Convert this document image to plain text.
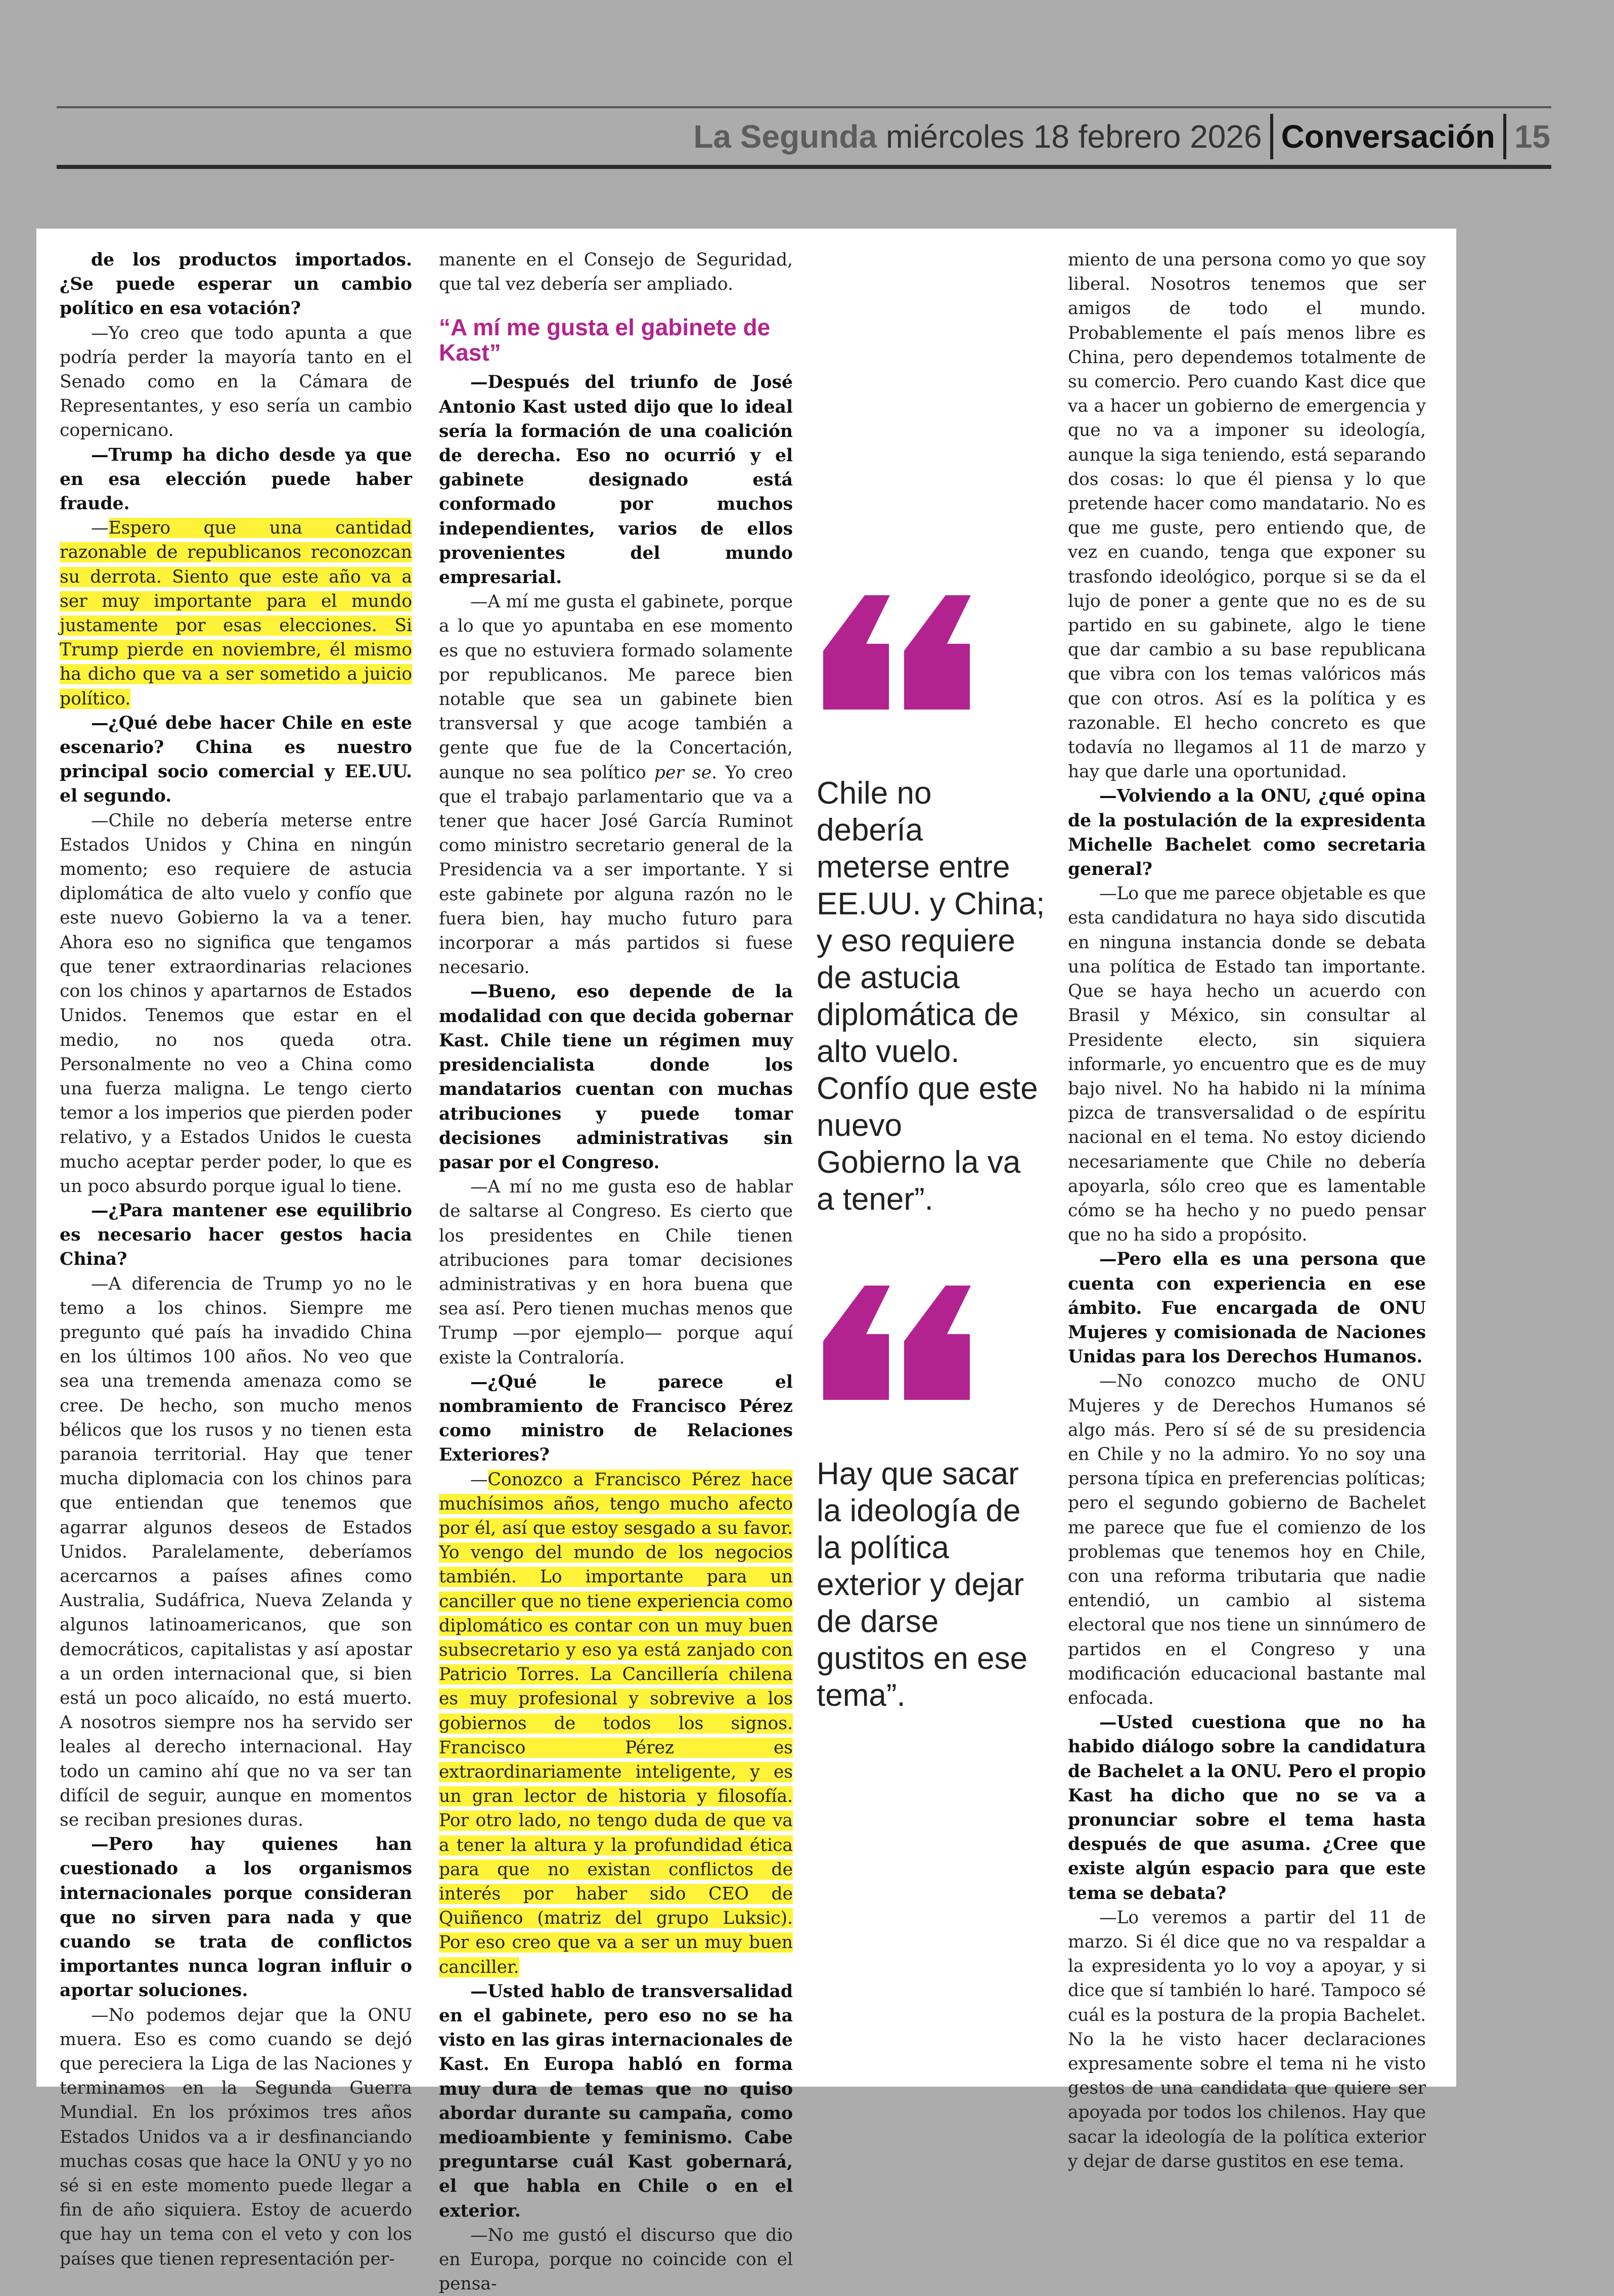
La Segunda miércoles 18 febrero 2026 Conversación 15

de los productos importados. ¿Se puede esperar un cambio político en esa votación?

—Yo creo que todo apunta a que podría perder la mayoría tanto en el Senado como en la Cámara de Representantes, y eso sería un cambio copernicano.

—Trump ha dicho desde ya que en esa elección puede haber fraude.

—Espero que una cantidad razonable de republicanos reconozcan su derrota. Siento que este año va a ser muy importante para el mundo justamente por esas elecciones. Si Trump pierde en noviembre, él mismo ha dicho que va a ser sometido a juicio político.

—¿Qué debe hacer Chile en este escenario? China es nuestro principal socio comercial y EE.UU. el segundo.

—Chile no debería meterse entre Estados Unidos y China en ningún momento; eso requiere de astucia diplomática de alto vuelo y confío que este nuevo Gobierno la va a tener. Ahora eso no significa que tengamos que tener extraordinarias relaciones con los chinos y apartarnos de Estados Unidos. Tenemos que estar en el medio, no nos queda otra. Personalmente no veo a China como una fuerza maligna. Le tengo cierto temor a los imperios que pierden poder relativo, y a Estados Unidos le cuesta mucho aceptar perder poder, lo que es un poco absurdo porque igual lo tiene.

—¿Para mantener ese equilibrio es necesario hacer gestos hacia China?

—A diferencia de Trump yo no le temo a los chinos. Siempre me pregunto qué país ha invadido China en los últimos 100 años. No veo que sea una tremenda amenaza como se cree. De hecho, son mucho menos bélicos que los rusos y no tienen esta paranoia territorial. Hay que tener mucha diplomacia con los chinos para que entiendan que tenemos que agarrar algunos deseos de Estados Unidos. Paralelamente, deberíamos acercarnos a países afines como Australia, Sudáfrica, Nueva Zelanda y algunos latinoamericanos, que son democráticos, capitalistas y así apostar a un orden internacional que, si bien está un poco alicaído, no está muerto. A nosotros siempre nos ha servido ser leales al derecho internacional. Hay todo un camino ahí que no va ser tan difícil de seguir, aunque en momentos se reciban presiones duras.

—Pero hay quienes han cuestionado a los organismos internacionales porque consideran que no sirven para nada y que cuando se trata de conflictos importantes nunca logran influir o aportar soluciones.

—No podemos dejar que la ONU muera. Eso es como cuando se dejó que pereciera la Liga de las Naciones y terminamos en la Segunda Guerra Mundial. En los próximos tres años Estados Unidos va a ir desfinanciando muchas cosas que hace la ONU y yo no sé si en este momento puede llegar a fin de año siquiera. Estoy de acuerdo que hay un tema con el veto y con los países que tienen representación per-

manente en el Consejo de Seguridad, que tal vez debería ser ampliado.

“A mí me gusta el gabinete de Kast”

—Después del triunfo de José Antonio Kast usted dijo que lo ideal sería la formación de una coalición de derecha. Eso no ocurrió y el gabinete designado está conformado por muchos independientes, varios de ellos provenientes del mundo empresarial.

—A mí me gusta el gabinete, porque a lo que yo apuntaba en ese momento es que no estuviera formado solamente por republicanos. Me parece bien notable que sea un gabinete bien transversal y que acoge también a gente que fue de la Concertación, aunque no sea político per se. Yo creo que el trabajo parlamentario que va a tener que hacer José García Ruminot como ministro secretario general de la Presidencia va a ser importante. Y si este gabinete por alguna razón no le fuera bien, hay mucho futuro para incorporar a más partidos si fuese necesario.

—Bueno, eso depende de la modalidad con que decida gobernar Kast. Chile tiene un régimen muy presidencialista donde los mandatarios cuentan con muchas atribuciones y puede tomar decisiones administrativas sin pasar por el Congreso.

—A mí no me gusta eso de hablar de saltarse al Congreso. Es cierto que los presidentes en Chile tienen atribuciones para tomar decisiones administrativas y en hora buena que sea así. Pero tienen muchas menos que Trump —por ejemplo— porque aquí existe la Contraloría.

—¿Qué le parece el nombramiento de Francisco Pérez como ministro de Relaciones Exteriores?

—Conozco a Francisco Pérez hace muchísimos años, tengo mucho afecto por él, así que estoy sesgado a su favor. Yo vengo del mundo de los negocios también. Lo importante para un canciller que no tiene experiencia como diplomático es contar con un muy buen subsecretario y eso ya está zanjado con Patricio Torres. La Cancillería chilena es muy profesional y sobrevive a los gobiernos de todos los signos. Francisco Pérez es extraordinariamente inteligente, y es un gran lector de historia y filosofía. Por otro lado, no tengo duda de que va a tener la altura y la profundidad ética para que no existan conflictos de interés por haber sido CEO de Quiñenco (matriz del grupo Luksic). Por eso creo que va a ser un muy buen canciller.

—Usted hablo de transversalidad en el gabinete, pero eso no se ha visto en las giras internacionales de Kast. En Europa habló en forma muy dura de temas que no quiso abordar durante su campaña, como medioambiente y feminismo. Cabe preguntarse cuál Kast gobernará, el que habla en Chile o en el exterior.

—No me gustó el discurso que dio en Europa, porque no coincide con el pensa-

Chile no
debería
meterse entre
EE.UU. y China;
y eso requiere
de astucia
diplomática de
alto vuelo.
Confío que este
nuevo
Gobierno la va
a tener”.
Hay que sacar
la ideología de
la política
exterior y dejar
de darse
gustitos en ese
tema”.

miento de una persona como yo que soy liberal. Nosotros tenemos que ser amigos de todo el mundo. Probablemente el país menos libre es China, pero dependemos totalmente de su comercio. Pero cuando Kast dice que va a hacer un gobierno de emergencia y que no va a imponer su ideología, aunque la siga teniendo, está separando dos cosas: lo que él piensa y lo que pretende hacer como mandatario. No es que me guste, pero entiendo que, de vez en cuando, tenga que exponer su trasfondo ideológico, porque si se da el lujo de poner a gente que no es de su partido en su gabinete, algo le tiene que dar cambio a su base republicana que vibra con los temas valóricos más que con otros. Así es la política y es razonable. El hecho concreto es que todavía no llegamos al 11 de marzo y hay que darle una oportunidad.

—Volviendo a la ONU, ¿qué opina de la postulación de la expresidenta Michelle Bachelet como secretaria general?

—Lo que me parece objetable es que esta candidatura no haya sido discutida en ninguna instancia donde se debata una política de Estado tan importante. Que se haya hecho un acuerdo con Brasil y México, sin consultar al Presidente electo, sin siquiera informarle, yo encuentro que es de muy bajo nivel. No ha habido ni la mínima pizca de transversalidad o de espíritu nacional en el tema. No estoy diciendo necesariamente que Chile no debería apoyarla, sólo creo que es lamentable cómo se ha hecho y no puedo pensar que no ha sido a propósito.

—Pero ella es una persona que cuenta con experiencia en ese ámbito. Fue encargada de ONU Mujeres y comisionada de Naciones Unidas para los Derechos Humanos.

—No conozco mucho de ONU Mujeres y de Derechos Humanos sé algo más. Pero sí sé de su presidencia en Chile y no la admiro. Yo no soy una persona típica en preferencias políticas; pero el segundo gobierno de Bachelet me parece que fue el comienzo de los problemas que tenemos hoy en Chile, con una reforma tributaria que nadie entendió, un cambio al sistema electoral que nos tiene un sinnúmero de partidos en el Congreso y una modificación educacional bastante mal enfocada.

—Usted cuestiona que no ha habido diálogo sobre la candidatura de Bachelet a la ONU. Pero el propio Kast ha dicho que no se va a pronunciar sobre el tema hasta después de que asuma. ¿Cree que existe algún espacio para que este tema se debata?

—Lo veremos a partir del 11 de marzo. Si él dice que no va respaldar a la expresidenta yo lo voy a apoyar, y si dice que sí también lo haré. Tampoco sé cuál es la postura de la propia Bachelet. No la he visto hacer declaraciones expresamente sobre el tema ni he visto gestos de una candidata que quiere ser apoyada por todos los chilenos. Hay que sacar la ideología de la política exterior y dejar de darse gustitos en ese tema.
